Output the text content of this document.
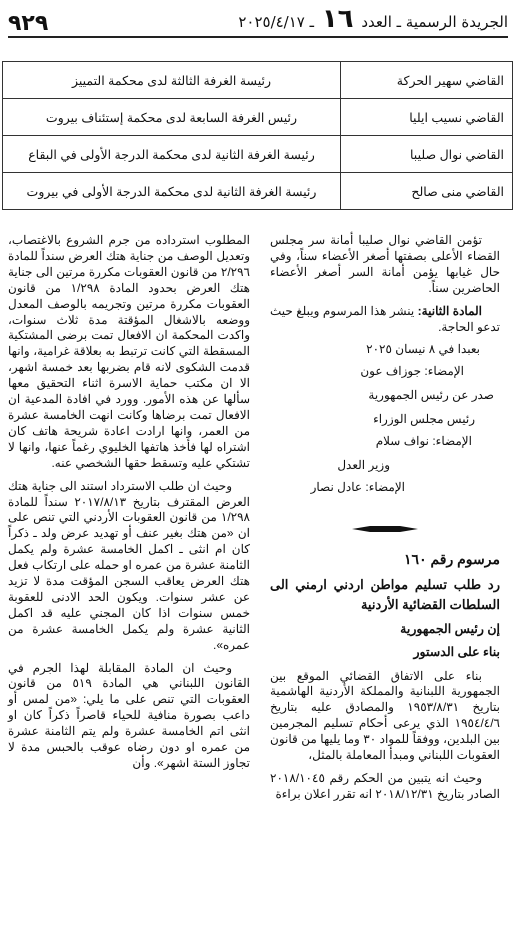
الجريدة الرسمية ـ العدد ١٦ ـ ٢٠٢٥/٤/١٧
٩٢٩
القاضي سهير الحركة	رئيسة الغرفة الثالثة لدى محكمة التمييز
القاضي نسيب ايليا	رئيس الغرفة السابعة لدى محكمة إستئناف بيروت
القاضي نوال صليبا	رئيسة الغرفة الثانية لدى محكمة الدرجة الأولى في البقاع
القاضي منى صالح	رئيسة الغرفة الثانية لدى محكمة الدرجة الأولى في بيروت

تؤمن القاضي نوال صليبا أمانة سر مجلس القضاء الأعلى بصفتها أصغر الأعضاء سناً، وفي حال غيابها يؤمن أمانة السر أصغر الأعضاء الحاضرين سناً.

المادة الثانية: ينشر هذا المرسوم ويبلغ حيث تدعو الحاجة.

بعبدا في ٨ نيسان ٢٠٢٥

الإمضاء: جوزاف عون

صدر عن رئيس الجمهورية

رئيس مجلس الوزراء

الإمضاء: نواف سلام

وزير العدل

الإمضاء: عادل نصار

مرسوم رقم ١٦٠

رد طلب تسليم مواطن اردني ارمني الى السلطات القضائية الأردنية

إن رئيس الجمهورية

بناء على الدستور

بناء على الاتفاق القضائي الموقع بين الجمهورية اللبنانية والمملكة الأردنية الهاشمية بتاريخ ١٩٥٣/٨/٣١ والمصادق عليه بتاريخ ١٩٥٤/٤/٦ الذي يرعى أحكام تسليم المجرمين بين البلدين، ووفقاً للمواد ٣٠ وما يليها من قانون العقوبات اللبناني ومبدأ المعاملة بالمثل،

وحيث انه يتبين من الحكم رقم ٢٠١٨/١٠٤٥ الصادر بتاريخ ٢٠١٨/١٢/٣١ انه تقرر اعلان براءة

المطلوب استرداده من جرم الشروع بالاغتصاب، وتعديل الوصف من جناية هتك العرض سنداً للمادة ٢/٢٩٦ من قانون العقوبات مكررة مرتين الى جناية هتك العرض بحدود المادة ١/٢٩٨ من قانون العقوبات مكررة مرتين وتجريمه بالوصف المعدل ووضعه بالاشغال المؤقتة مدة ثلاث سنوات، واكدت المحكمة ان الافعال تمت برضى المشتكية المسقطة التي كانت ترتبط به بعلاقة غرامية، وانها قدمت الشكوى لانه قام بضربها بعد خمسة اشهر، الا ان مكتب حماية الاسرة اثناء التحقيق معها سألها عن هذه الأمور. وورد في افادة المدعية ان الافعال تمت برضاها وكانت انهت الخامسة عشرة من العمر، وانها ارادت اعادة شريحة هاتف كان اشتراه لها فأخذ هاتفها الخليوي رغماً عنها، وانها لا تشتكي عليه وتسقط حقها الشخصي عنه.

وحيث ان طلب الاسترداد استند الى جناية هتك العرض المقترف بتاريخ ٢٠١٧/٨/١٣ سنداً للمادة ١/٢٩٨ من قانون العقوبات الأردني التي تنص على ان «من هتك بغير عنف أو تهديد عرض ولد ـ ذكراً كان ام انثى ـ اكمل الخامسة عشرة ولم يكمل الثامنة عشرة من عمره او حمله على ارتكاب فعل هتك العرض يعاقب السجن المؤقت مدة لا تزيد عن عشر سنوات. ويكون الحد الادنى للعقوبة خمس سنوات اذا كان المجني عليه قد اكمل الثانية عشرة ولم يكمل الخامسة عشرة من عمره».

وحيث ان المادة المقابلة لهذا الجرم في القانون اللبناني هي المادة ٥١٩ من قانون العقوبات التي تنص على ما يلي: «من لمس أو داعب بصورة منافية للحياء قاصراً ذكراً كان او انثى اتم الخامسة عشرة ولم يتم الثامنة عشرة من عمره او دون رضاه عوقب بالحبس مدة لا تجاوز الستة اشهر». وأن
